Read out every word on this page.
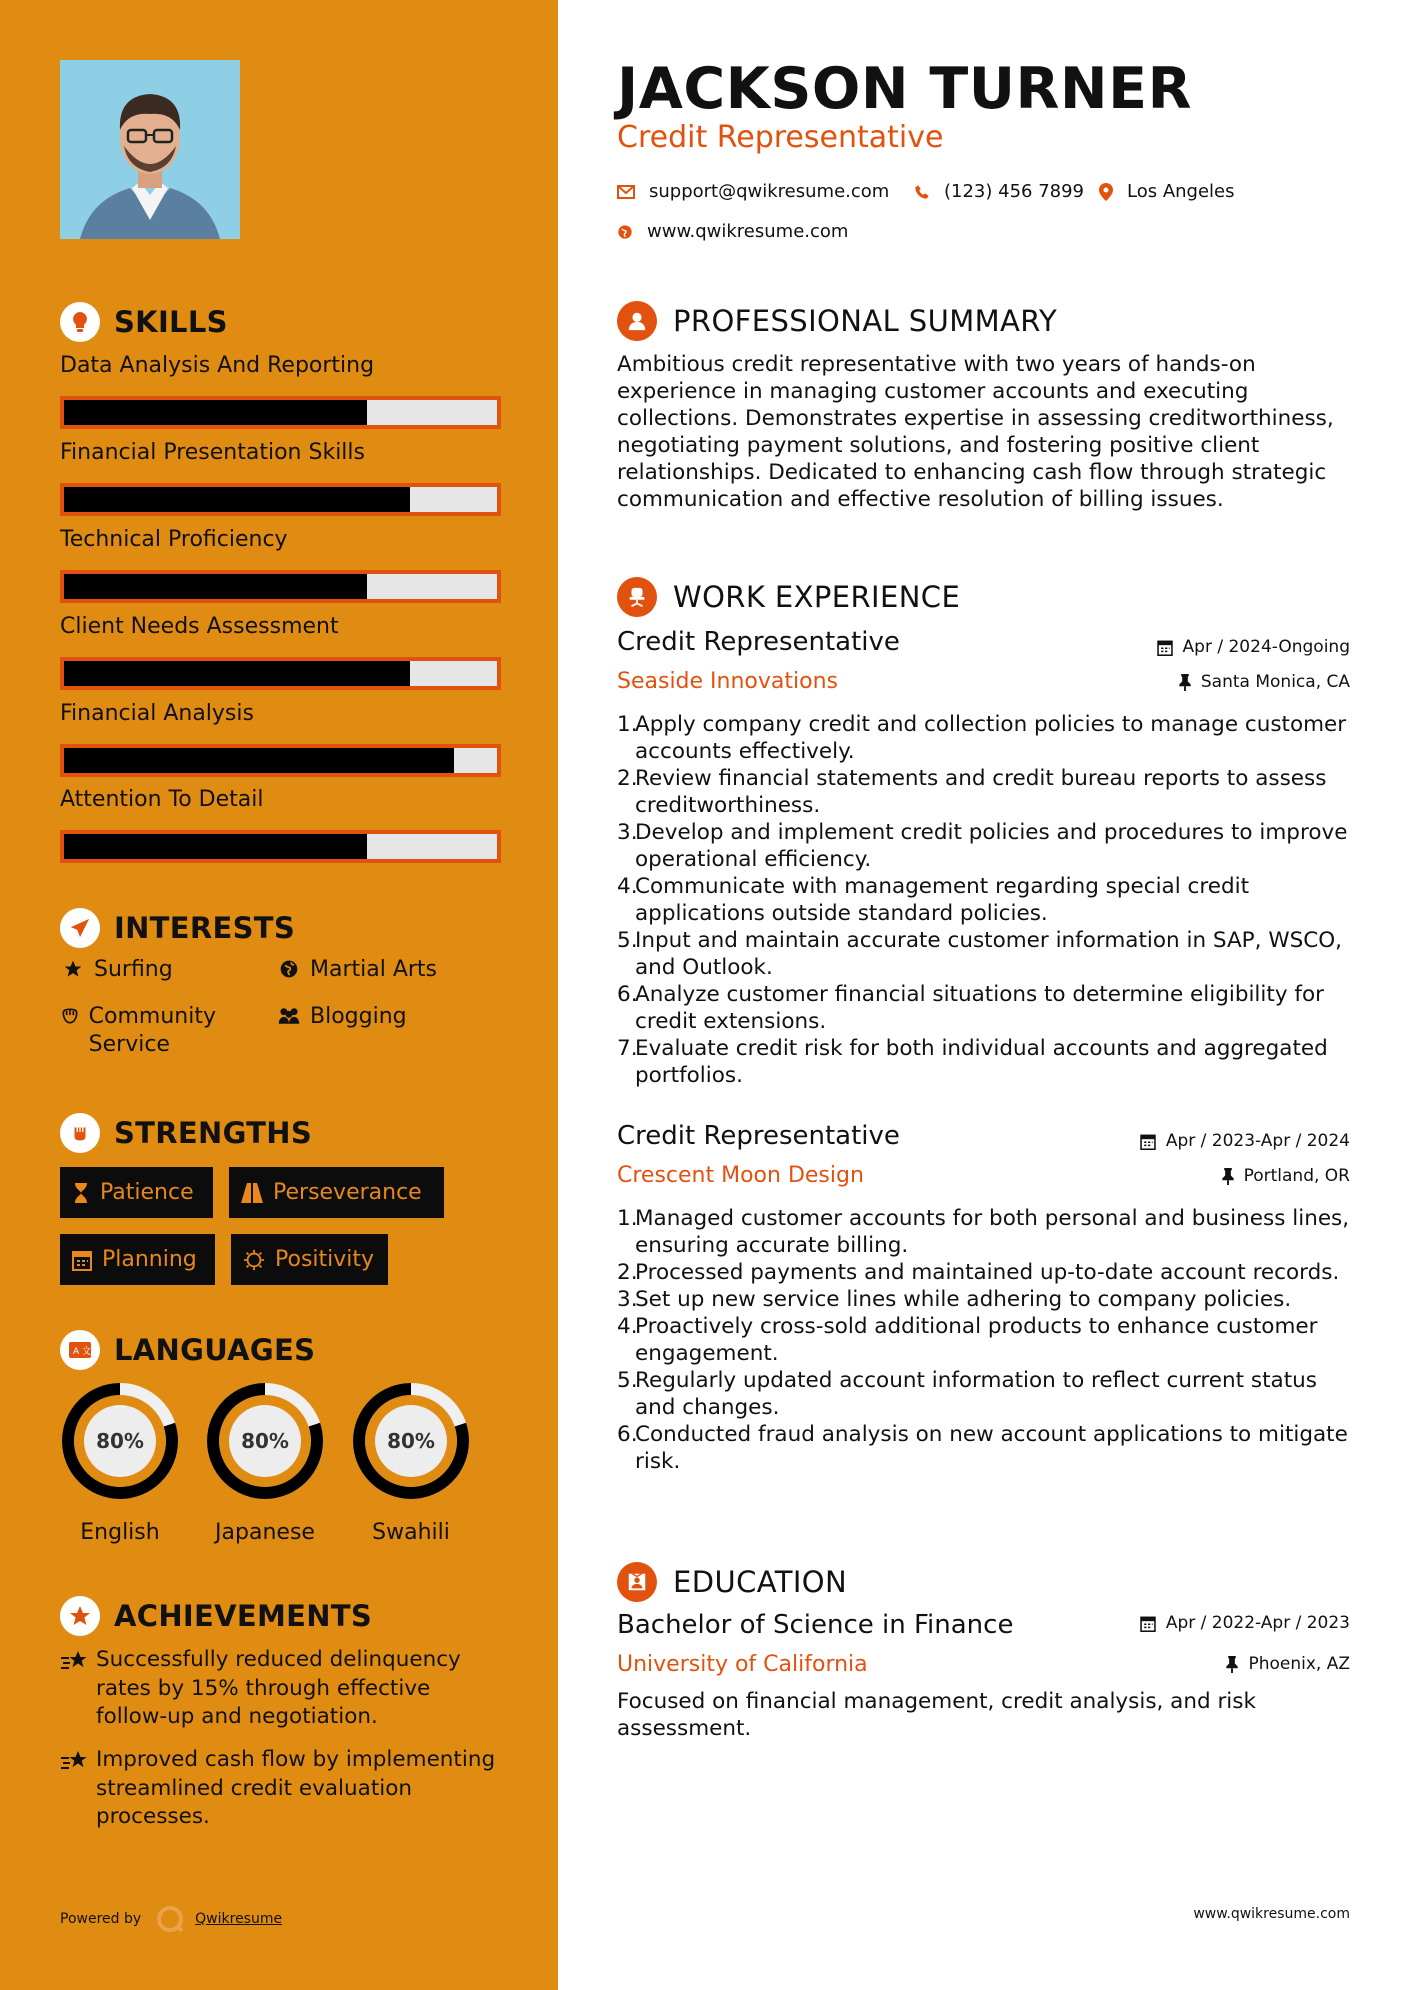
SKILLS
INTERESTS
Surfing	Martial Arts
Community Service
Blogging
STRENGTHS
Patience	Perseverance
Planning	Positivity
A 文 LANGUAGES
ACHIEVEMENTS
Successfully reduced delinquency rates by 15% through effective follow-up and negotiation.
Improved cash flow by implementing streamlined credit evaluation processes.
Powered by	Qwikresume
Data Analysis And Reporting
Financial Presentation Skills
Technical Proficiency
Client Needs Assessment
Financial Analysis
Attention To Detail
80%
English
80%
Japanese
80%
Swahili
JACKSON TURNER
Credit Representative
support@qwikresume.com	(123) 456 7899 Los Angeles
www.qwikresume.com
PROFESSIONAL SUMMARY
Ambitious credit representative with two years of hands-on experience in managing customer accounts and executing collections. Demonstrates expertise in assessing creditworthiness, negotiating payment solutions, and fostering positive client relationships. Dedicated to enhancing cash flow through strategic communication and effective resolution of billing issues.
WORK EXPERIENCE
Credit Representative	Apr / 2024-Ongoing
Seaside Innovations	Santa Monica, CA
Apply company credit and collection policies to manage customer accounts effectively.
Review financial statements and credit bureau reports to assess creditworthiness.
Develop and implement credit policies and procedures to improve operational efficiency.
Communicate with management regarding special credit applications outside standard policies.
Input and maintain accurate customer information in SAP, WSCO, and Outlook.
Analyze customer financial situations to determine eligibility for credit extensions.
Evaluate credit risk for both individual accounts and aggregated portfolios.
Credit Representative	Apr / 2023-Apr / 2024
Crescent Moon Design	Portland, OR
Managed customer accounts for both personal and business lines, ensuring accurate billing.
Processed payments and maintained up-to-date account records.
Set up new service lines while adhering to company policies.
Proactively cross-sold additional products to enhance customer engagement.
Regularly updated account information to reflect current status and changes.
Conducted fraud analysis on new account applications to mitigate risk.
EDUCATION
Bachelor of Science in Finance	Apr / 2022-Apr / 2023
University of California	Phoenix, AZ
Focused on financial management, credit analysis, and risk assessment.
www.qwikresume.com
